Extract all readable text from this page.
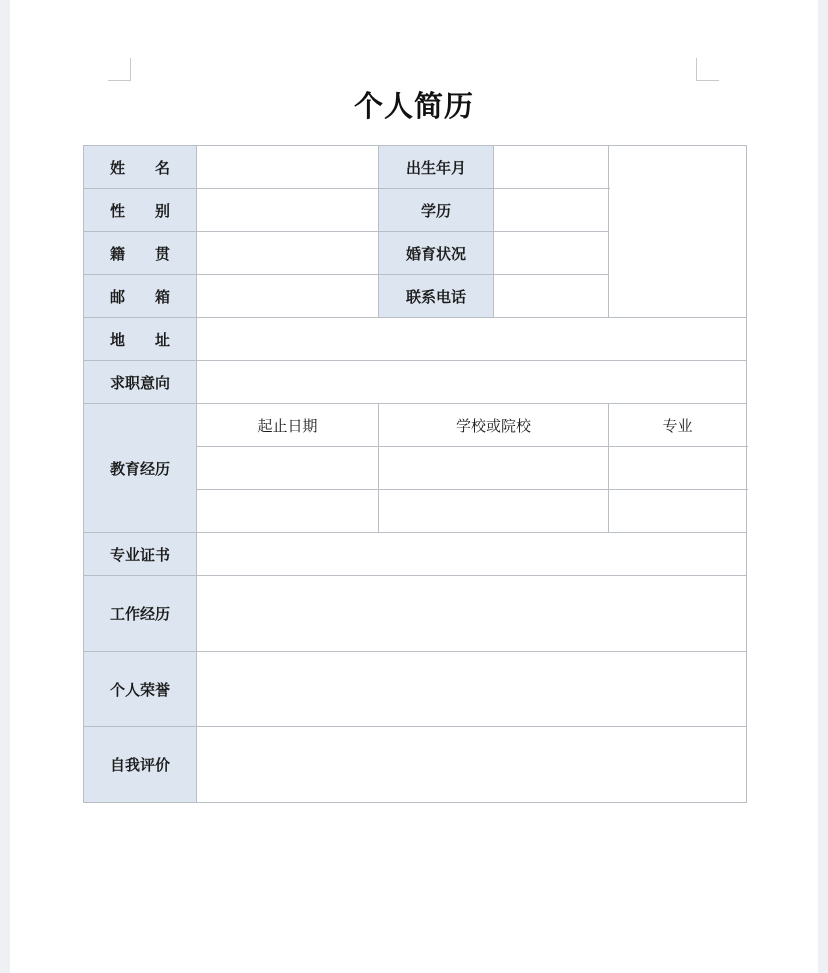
个人简历
姓名		出生年月		
性别		学历		
籍贯		婚育状况		
邮箱		联系电话		
地址				
求职意向				
教育经历	起止日期	学校或院校		专业

专业证书				
工作经历				
个人荣誉				
自我评价				
